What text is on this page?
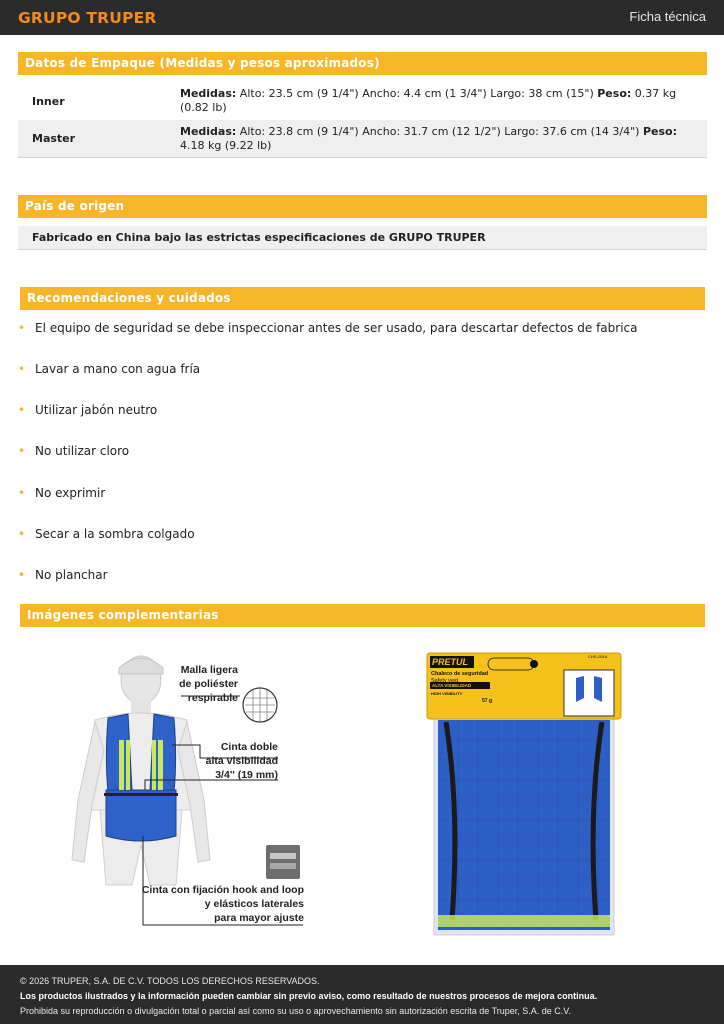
GRUPO TRUPER	Ficha técnica
Datos de Empaque (Medidas y pesos aproximados)
Inner
Medidas: Alto: 23.5 cm (9 1/4") Ancho: 4.4 cm (1 3/4") Largo: 38 cm (15") Peso: 0.37 kg (0.82 lb)
Master
Medidas: Alto: 23.8 cm (9 1/4") Ancho: 31.7 cm (12 1/2") Largo: 37.6 cm (14 3/4") Peso: 4.18 kg (9.22 lb)
País de origen
Fabricado en China bajo las estrictas especificaciones de GRUPO TRUPER
Recomendaciones y cuidados
• El equipo de seguridad se debe inspeccionar antes de ser usado, para descartar defectos de fabrica
• Lavar a mano con agua fría
• Utilizar jabón neutro
• No utilizar cloro
• No exprimir
• Secar a la sombra colgado
• No planchar
Imágenes complementarias
Malla ligera
de poliéster
respirable
Cinta doble
alta visibilidad
3/4'' (19 mm)
Cinta con fijación hook and loop
y elásticos laterales
para mayor ajuste
PRETUL
Chaleco de seguridad
Safety vest
ALTA VISIBILIDAD
HIGH VISIBILITY
CHS-204A
57 g
© 2026 TRUPER, S.A. DE C.V. TODOS LOS DERECHOS RESERVADOS.
Los productos ilustrados y la información pueden cambiar sin previo aviso, como resultado de nuestros procesos de mejora continua.
Prohibida su reproducción o divulgación total o parcial así como su uso o aprovechamiento sin autorización escrita de Truper, S.A. de C.V.
